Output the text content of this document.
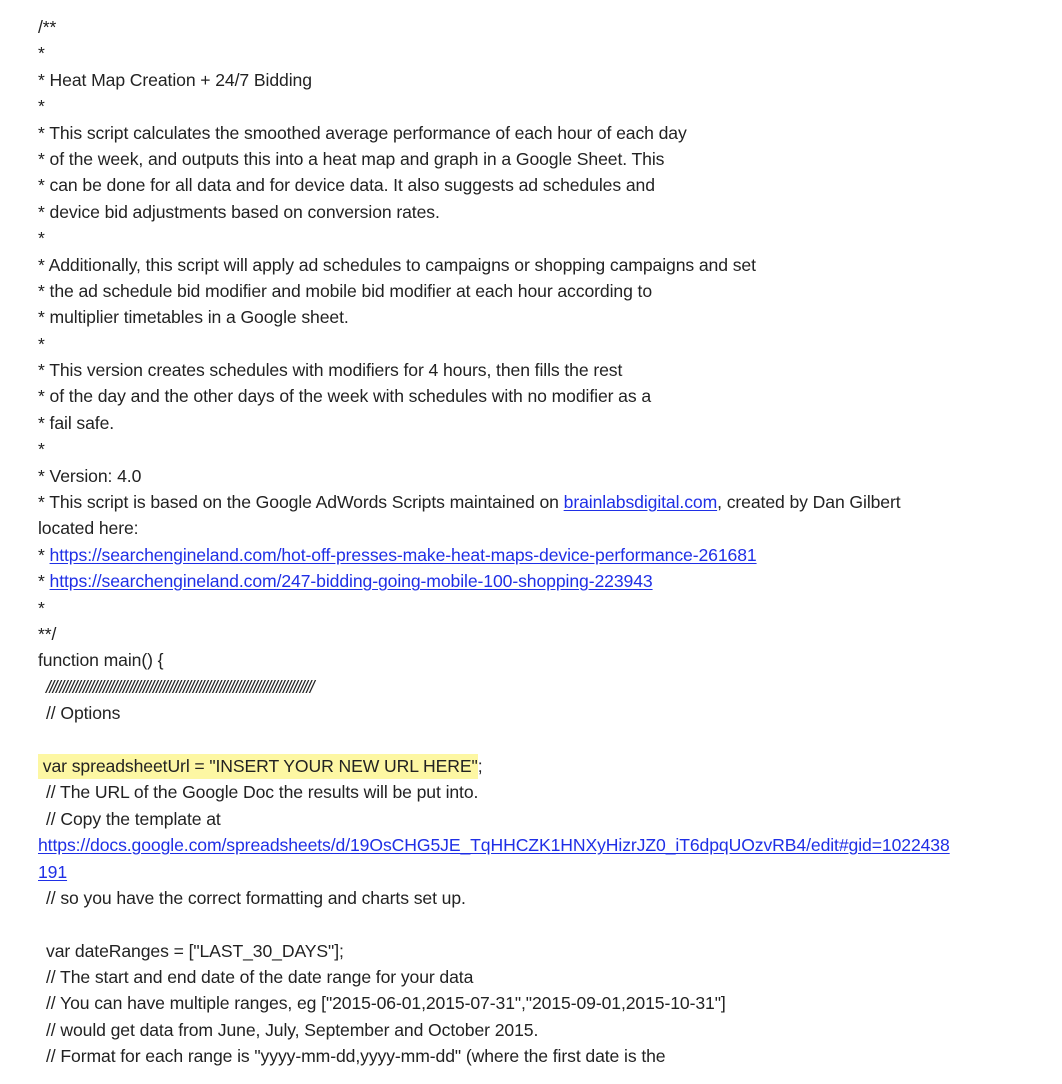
/**
*
* Heat Map Creation + 24/7 Bidding
*
* This script calculates the smoothed average performance of each hour of each day
* of the week, and outputs this into a heat map and graph in a Google Sheet. This
* can be done for all data and for device data. It also suggests ad schedules and
* device bid adjustments based on conversion rates.
*
* Additionally, this script will apply ad schedules to campaigns or shopping campaigns and set
* the ad schedule bid modifier and mobile bid modifier at each hour according to
* multiplier timetables in a Google sheet.
*
* This version creates schedules with modifiers for 4 hours, then fills the rest
* of the day and the other days of the week with schedules with no modifier as a
* fail safe.
*
* Version: 4.0
* This script is based on the Google AdWords Scripts maintained on brainlabsdigital.com, created by Dan Gilbert
located here:
* https://searchengineland.com/hot-off-presses-make-heat-maps-device-performance-261681
* https://searchengineland.com/247-bidding-going-mobile-100-shopping-223943
*
**/
function main() {
////////////////////////////////////////////////////////////////////////////////
// Options
var spreadsheetUrl = "INSERT YOUR NEW URL HERE";
// The URL of the Google Doc the results will be put into.
// Copy the template at
https://docs.google.com/spreadsheets/d/19OsCHG5JE_TqHHCZK1HNXyHizrJZ0_iT6dpqUOzvRB4/edit#gid=1022438
191
// so you have the correct formatting and charts set up.
var dateRanges = ["LAST_30_DAYS"];
// The start and end date of the date range for your data
// You can have multiple ranges, eg ["2015-06-01,2015-07-31","2015-09-01,2015-10-31"]
// would get data from June, July, September and October 2015.
// Format for each range is "yyyy-mm-dd,yyyy-mm-dd" (where the first date is the
